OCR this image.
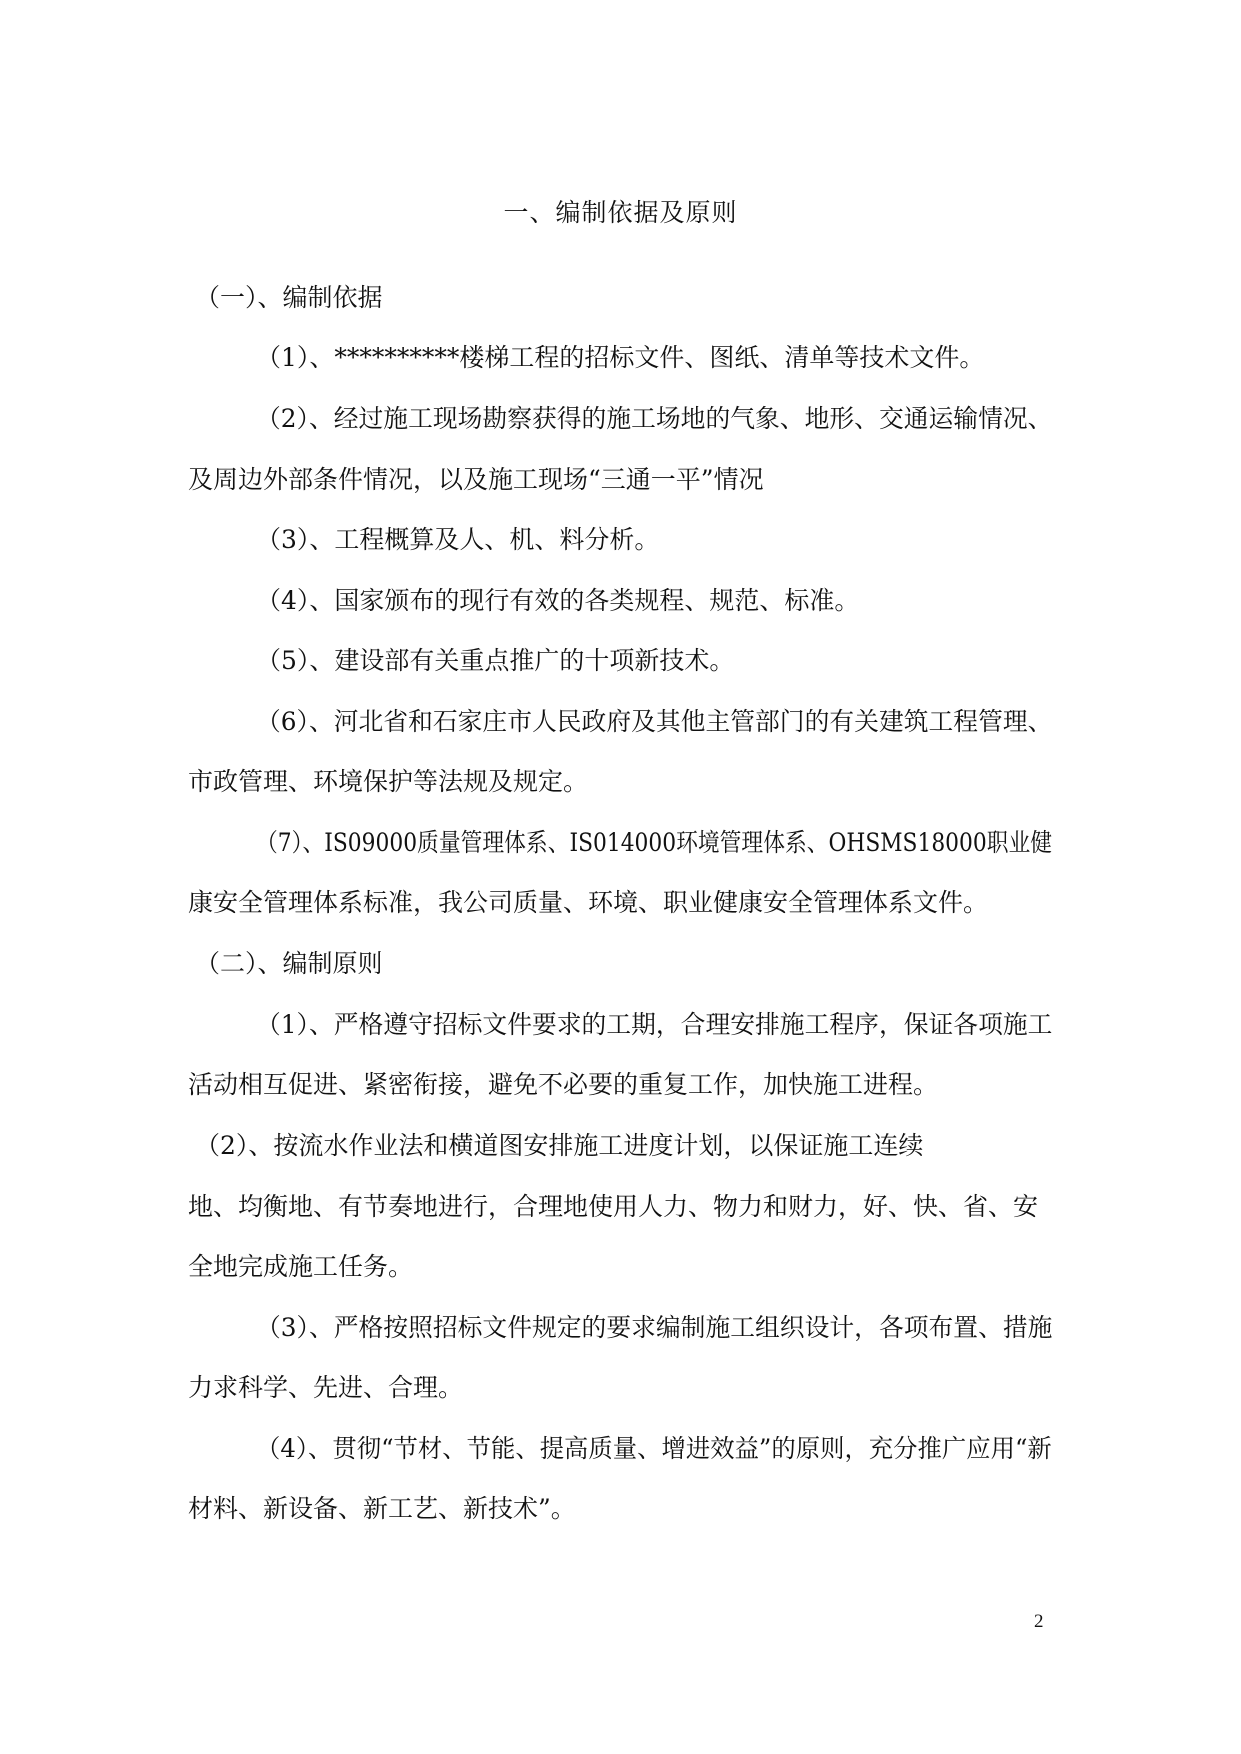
一、编制依据及原则
（一）、编制依据
（1）、**********楼梯工程的招标文件、图纸、清单等技术文件。
（2）、经过施工现场勘察获得的施工场地的气象、地形、交通运输情况、
及周边外部条件情况，以及施工现场“三通一平”情况
（3）、工程概算及人、机、料分析。
（4）、国家颁布的现行有效的各类规程、规范、标准。
（5）、建设部有关重点推广的十项新技术。
（6）、河北省和石家庄市人民政府及其他主管部门的有关建筑工程管理、
市政管理、环境保护等法规及规定。
（7）、IS09000质量管理体系、IS014000环境管理体系、OHSMS18000职业健
康安全管理体系标准，我公司质量、环境、职业健康安全管理体系文件。
（二）、编制原则
（1）、严格遵守招标文件要求的工期，合理安排施工程序，保证各项施工
活动相互促进、紧密衔接，避免不必要的重复工作，加快施工进程。
（2）、按流水作业法和横道图安排施工进度计划，以保证施工连续
地、均衡地、有节奏地进行，合理地使用人力、物力和财力，好、快、省、安
全地完成施工任务。
（3）、严格按照招标文件规定的要求编制施工组织设计，各项布置、措施
力求科学、先进、合理。
（4）、贯彻“节材、节能、提高质量、增进效益”的原则，充分推广应用“新
材料、新设备、新工艺、新技术”。
2
